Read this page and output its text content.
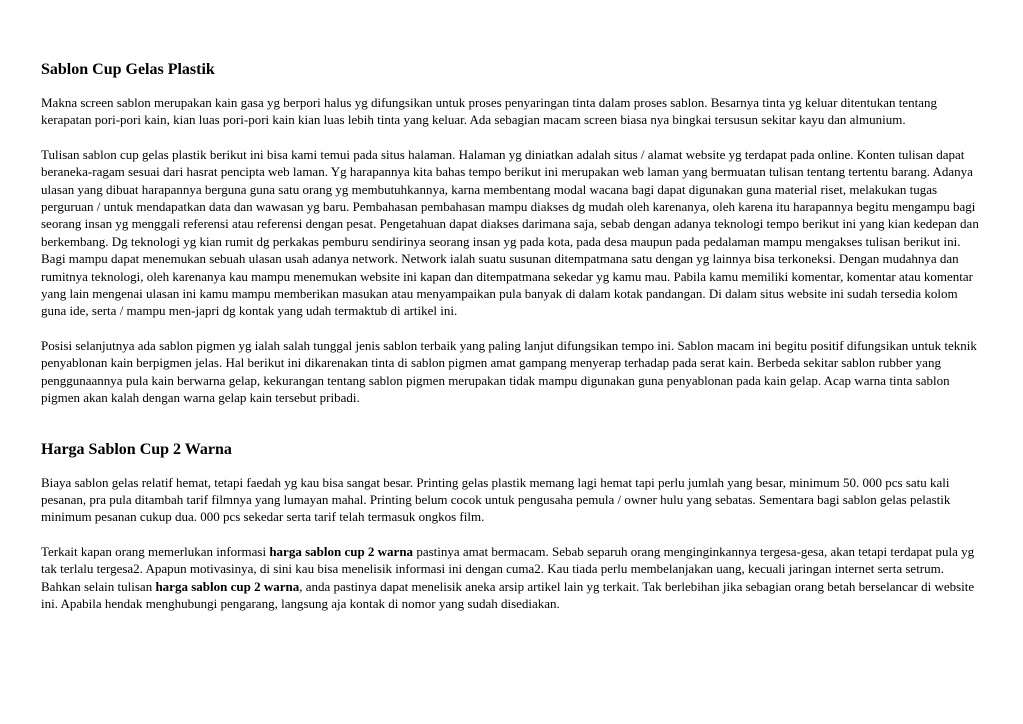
Sablon Cup Gelas Plastik

Makna screen sablon merupakan kain gasa yg berpori halus yg difungsikan untuk proses penyaringan tinta dalam proses sablon. Besarnya tinta yg keluar ditentukan tentang kerapatan pori-pori kain, kian luas pori-pori kain kian luas lebih tinta yang keluar. Ada sebagian macam screen biasa nya bingkai tersusun sekitar kayu dan almunium.

Tulisan sablon cup gelas plastik berikut ini bisa kami temui pada situs halaman. Halaman yg diniatkan adalah situs / alamat website yg terdapat pada online. Konten tulisan dapat beraneka-ragam sesuai dari hasrat pencipta web laman. Yg harapannya kita bahas tempo berikut ini merupakan web laman yang bermuatan tulisan tentang tertentu barang. Adanya ulasan yang dibuat harapannya berguna guna satu orang yg membutuhkannya, karna membentang modal wacana bagi dapat digunakan guna material riset, melakukan tugas perguruan / untuk mendapatkan data dan wawasan yg baru. Pembahasan pembahasan mampu diakses dg mudah oleh karenanya, oleh karena itu harapannya begitu mengampu bagi seorang insan yg menggali referensi atau referensi dengan pesat. Pengetahuan dapat diakses darimana saja, sebab dengan adanya teknologi tempo berikut ini yang kian kedepan dan berkembang. Dg teknologi yg kian rumit dg perkakas pemburu sendirinya seorang insan yg pada kota, pada desa maupun pada pedalaman mampu mengakses tulisan berikut ini. Bagi mampu dapat menemukan sebuah ulasan usah adanya network. Network ialah suatu susunan ditempatmana satu dengan yg lainnya bisa terkoneksi. Dengan mudahnya dan rumitnya teknologi, oleh karenanya kau mampu menemukan website ini kapan dan ditempatmana sekedar yg kamu mau. Pabila kamu memiliki komentar, komentar atau komentar yang lain mengenai ulasan ini kamu mampu memberikan masukan atau menyampaikan pula banyak di dalam kotak pandangan. Di dalam situs website ini sudah tersedia kolom guna ide, serta / mampu men-japri dg kontak yang udah termaktub di artikel ini.

Posisi selanjutnya ada sablon pigmen yg ialah salah tunggal jenis sablon terbaik yang paling lanjut difungsikan tempo ini. Sablon macam ini begitu positif difungsikan untuk teknik penyablonan kain berpigmen jelas. Hal berikut ini dikarenakan tinta di sablon pigmen amat gampang menyerap terhadap pada serat kain. Berbeda sekitar sablon rubber yang penggunaannya pula kain berwarna gelap, kekurangan tentang sablon pigmen merupakan tidak mampu digunakan guna penyablonan pada kain gelap. Acap warna tinta sablon pigmen akan kalah dengan warna gelap kain tersebut pribadi.

Harga Sablon Cup 2 Warna

Biaya sablon gelas relatif hemat, tetapi faedah yg kau bisa sangat besar. Printing gelas plastik memang lagi hemat tapi perlu jumlah yang besar, minimum 50. 000 pcs satu kali pesanan, pra pula ditambah tarif filmnya yang lumayan mahal. Printing belum cocok untuk pengusaha pemula / owner hulu yang sebatas. Sementara bagi sablon gelas pelastik minimum pesanan cukup dua. 000 pcs sekedar serta tarif telah termasuk ongkos film.

Terkait kapan orang memerlukan informasi harga sablon cup 2 warna pastinya amat bermacam. Sebab separuh orang menginginkannya tergesa-gesa, akan tetapi terdapat pula yg tak terlalu tergesa2. Apapun motivasinya, di sini kau bisa menelisik informasi ini dengan cuma2. Kau tiada perlu membelanjakan uang, kecuali jaringan internet serta setrum. Bahkan selain tulisan harga sablon cup 2 warna, anda pastinya dapat menelisik aneka arsip artikel lain yg terkait. Tak berlebihan jika sebagian orang betah berselancar di website ini. Apabila hendak menghubungi pengarang, langsung aja kontak di nomor yang sudah disediakan.
